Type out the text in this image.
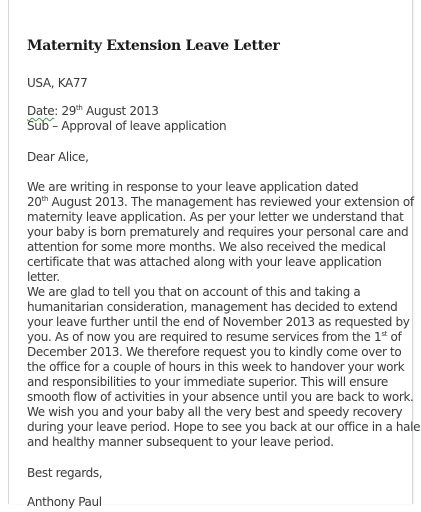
Maternity Extension Leave Letter
USA, KA77
Date: 29th August 2013
Sub – Approval of leave application
Dear Alice,
We are writing in response to your leave application dated
20th August 2013. The management has reviewed your extension of
maternity leave application. As per your letter we understand that
your baby is born prematurely and requires your personal care and
attention for some more months. We also received the medical
certificate that was attached along with your leave application
letter.
We are glad to tell you that on account of this and taking a
humanitarian consideration, management has decided to extend
your leave further until the end of November 2013 as requested by
you. As of now you are required to resume services from the 1st of
December 2013. We therefore request you to kindly come over to
the office for a couple of hours in this week to handover your work
and responsibilities to your immediate superior. This will ensure
smooth flow of activities in your absence until you are back to work.
We wish you and your baby all the very best and speedy recovery
during your leave period. Hope to see you back at our office in a hale
and healthy manner subsequent to your leave period.
Best regards,
Anthony Paul
